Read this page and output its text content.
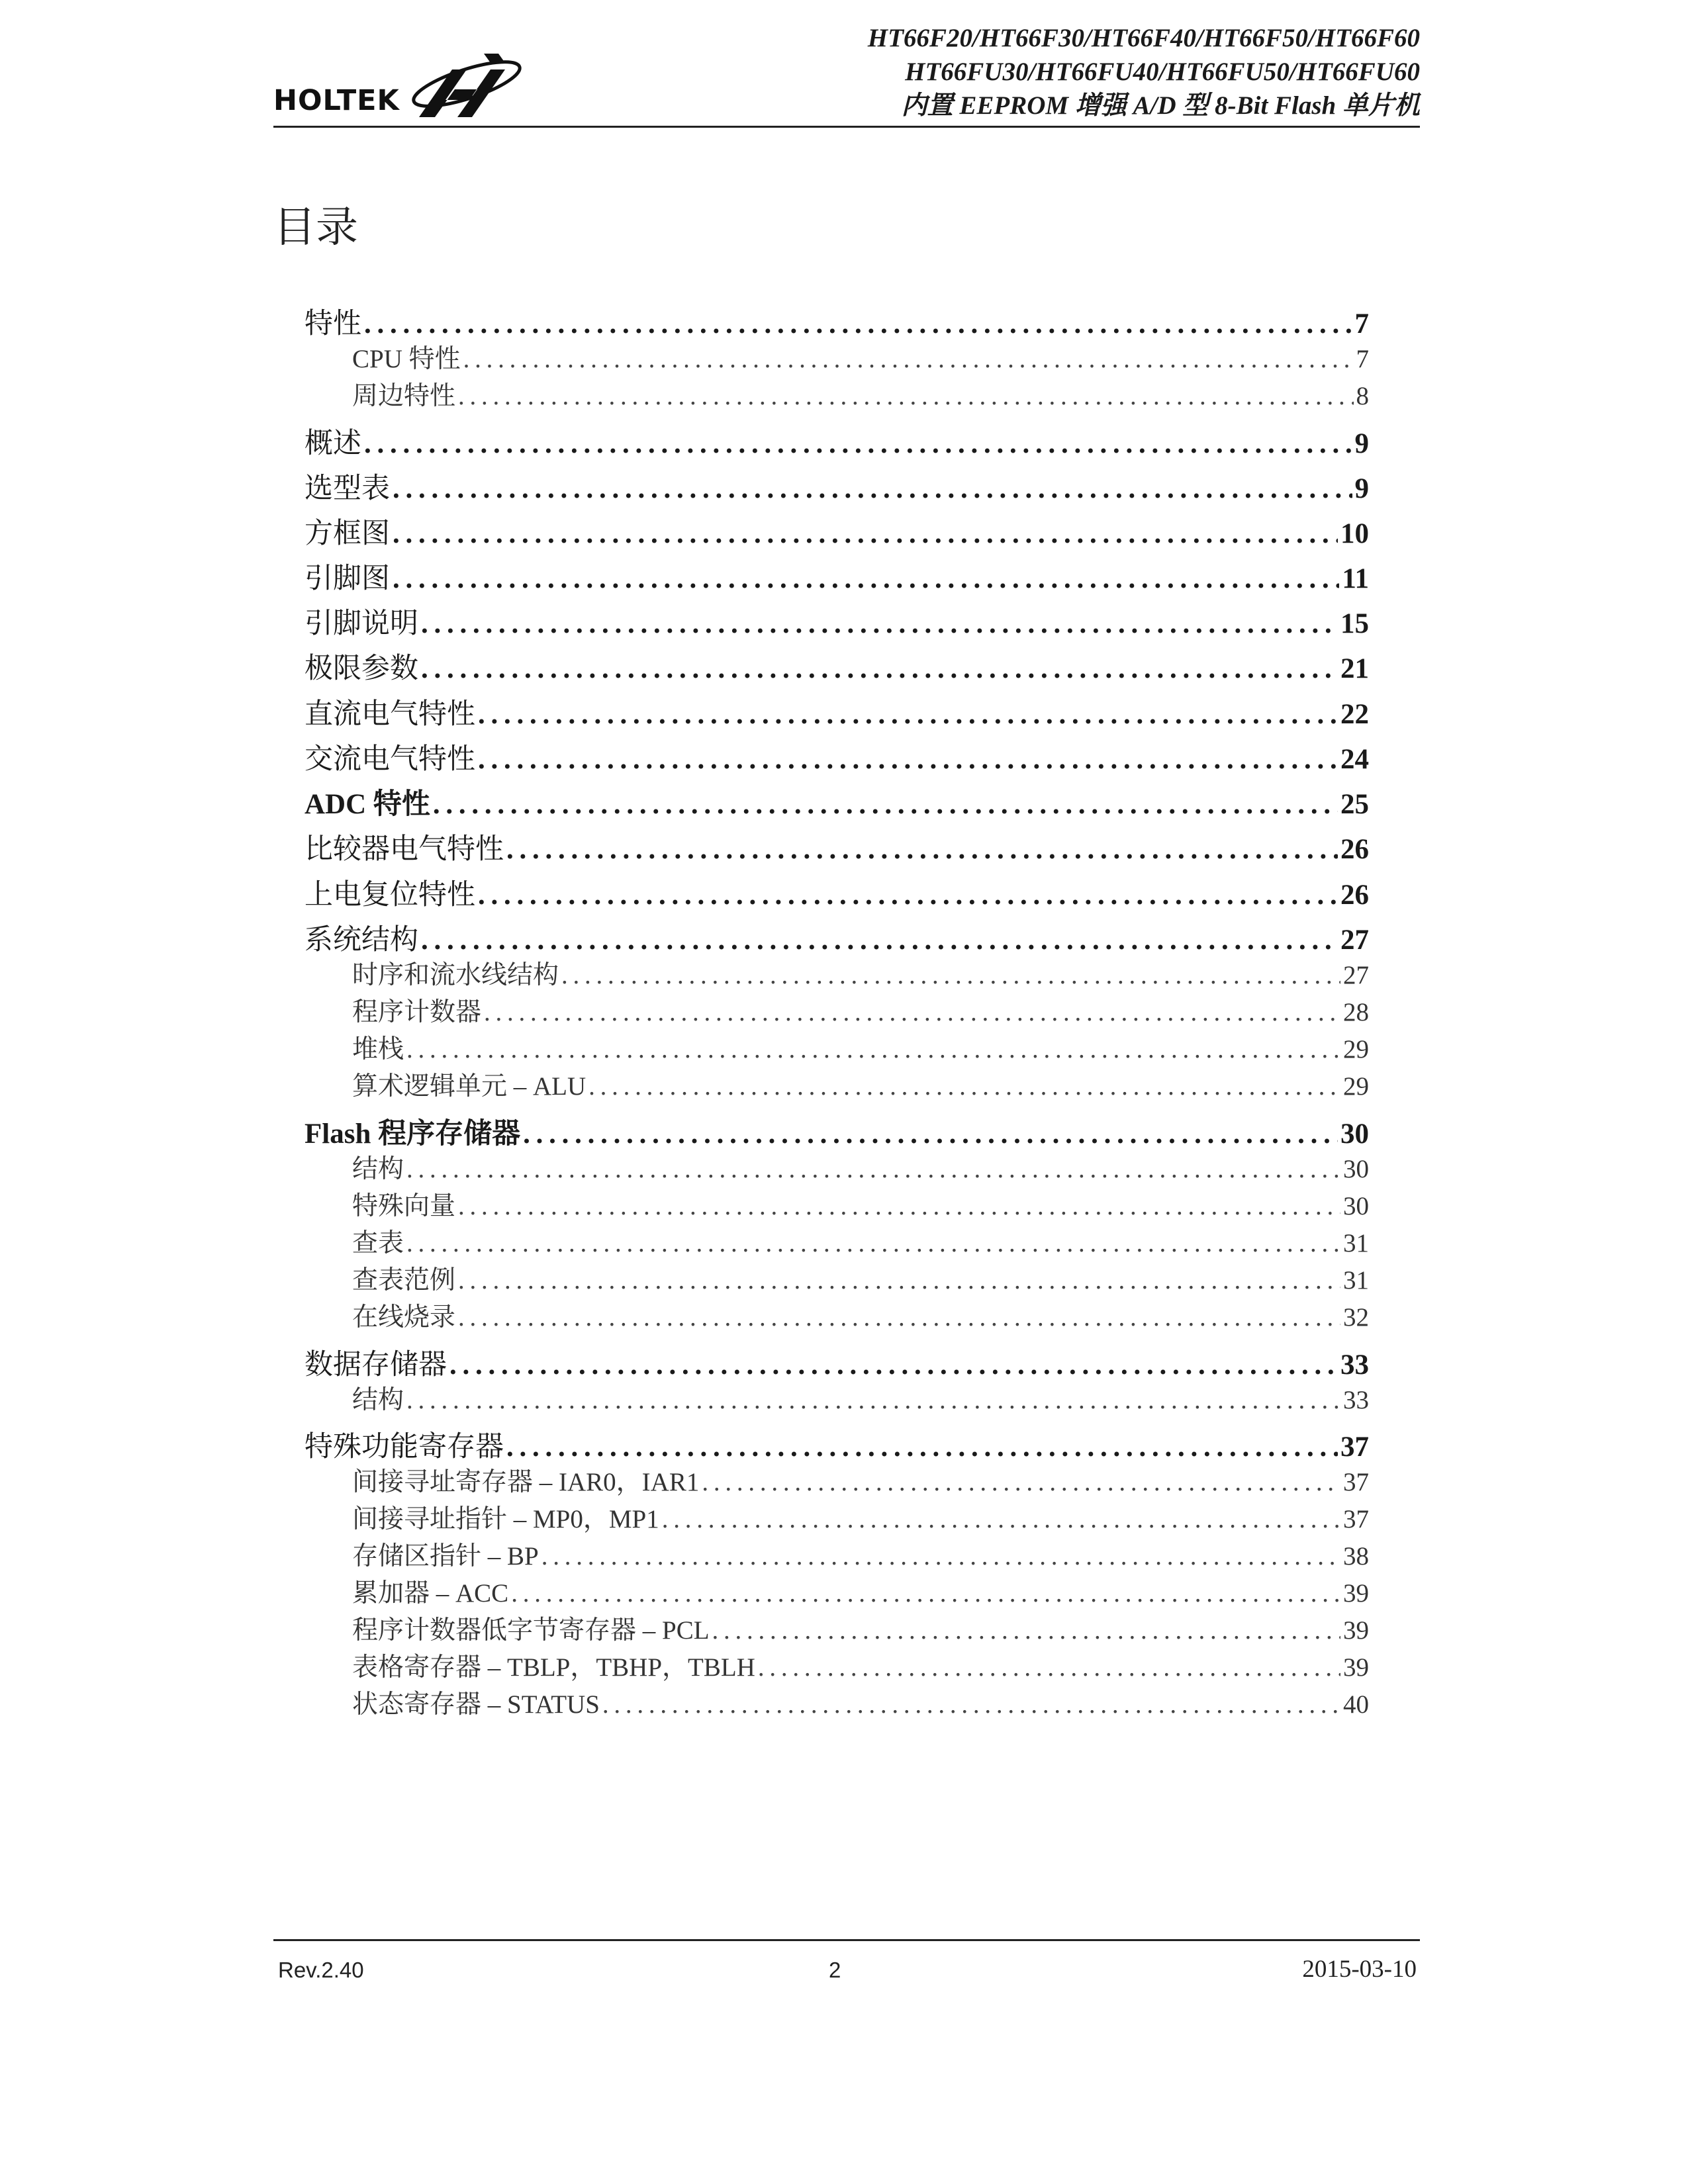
HOLTEK
HT66F20/HT66F30/HT66F40/HT66F50/HT66F60
HT66FU30/HT66FU40/HT66FU50/HT66FU60
内置 EEPROM 增强 A/D 型 8-Bit Flash 单片机
目录
特性 . . .	7
CPU 特性 . . .	7
周边特性 . . .	8
概述 . . .	9
选型表 . . .	9
方框图 . . .	10
引脚图 . . .	11
引脚说明 . . .	15
极限参数 . . .	21
直流电气特性 . . .	22
交流电气特性 . . .	24
ADC 特性 . . .	25
比较器电气特性 . . .	26
上电复位特性 . . .	26
系统结构 . . .	27
时序和流水线结构 . . .	27
程序计数器 . . .	28
堆栈 . . .	29
算术逻辑单元 – ALU . . .	29
Flash 程序存储器 . . .	30
结构 . . .	30
特殊向量 . . .	30
查表 . . .	31
查表范例 . . .	31
在线烧录 . . .	32
数据存储器 . . .	33
结构 . . .	33
特殊功能寄存器 . . .	37
间接寻址寄存器 – IAR0，IAR1 . . .	37
间接寻址指针 – MP0，MP1 . . .	37
存储区指针 – BP . . .	38
累加器 – ACC . . .	39
程序计数器低字节寄存器 – PCL . . .	39
表格寄存器 – TBLP，TBHP，TBLH . . .	39
状态寄存器 – STATUS . . .	40
Rev.2.40	2	2015-03-10
